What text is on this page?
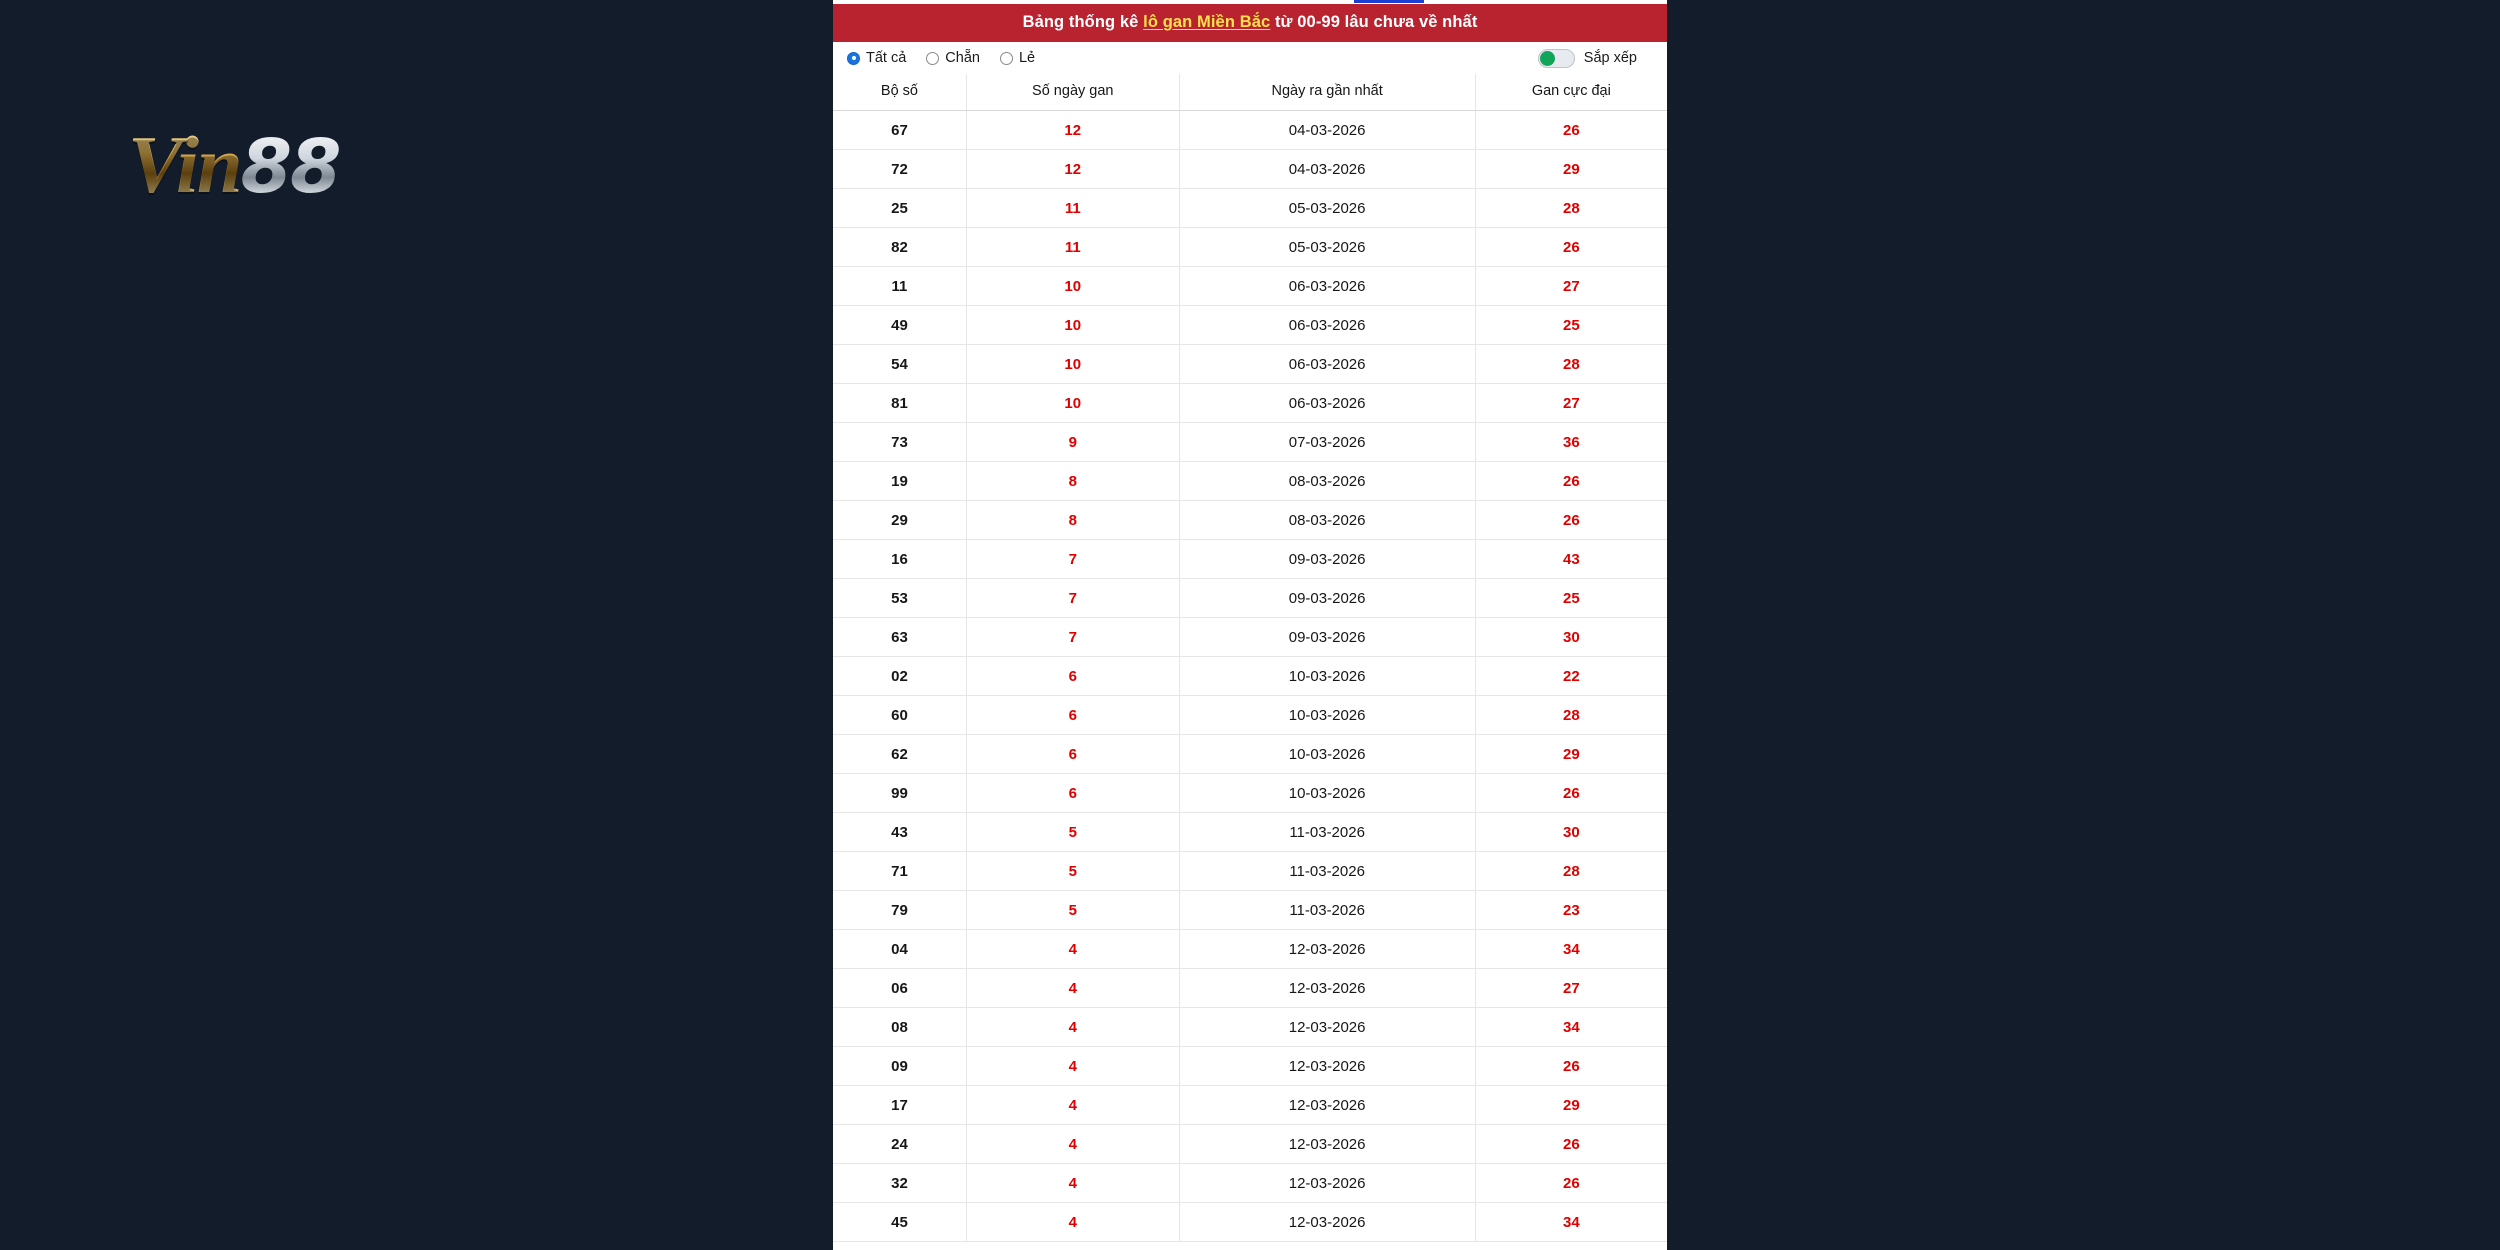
Vin88
Bảng thống kê lô gan Miền Bắc từ 00-99 lâu chưa về nhất
Tất cả	Chẵn	Lẻ	Sắp xếp
Bộ số	Số ngày gan	Ngày ra gần nhất	Gan cực đại
67	12	04-03-2026	26
72	12	04-03-2026	29
25	11	05-03-2026	28
82	11	05-03-2026	26
11	10	06-03-2026	27
49	10	06-03-2026	25
54	10	06-03-2026	28
81	10	06-03-2026	27
73	9	07-03-2026	36
19	8	08-03-2026	26
29	8	08-03-2026	26
16	7	09-03-2026	43
53	7	09-03-2026	25
63	7	09-03-2026	30
02	6	10-03-2026	22
60	6	10-03-2026	28
62	6	10-03-2026	29
99	6	10-03-2026	26
43	5	11-03-2026	30
71	5	11-03-2026	28
79	5	11-03-2026	23
04	4	12-03-2026	34
06	4	12-03-2026	27
08	4	12-03-2026	34
09	4	12-03-2026	26
17	4	12-03-2026	29
24	4	12-03-2026	26
32	4	12-03-2026	26
45	4	12-03-2026	34
